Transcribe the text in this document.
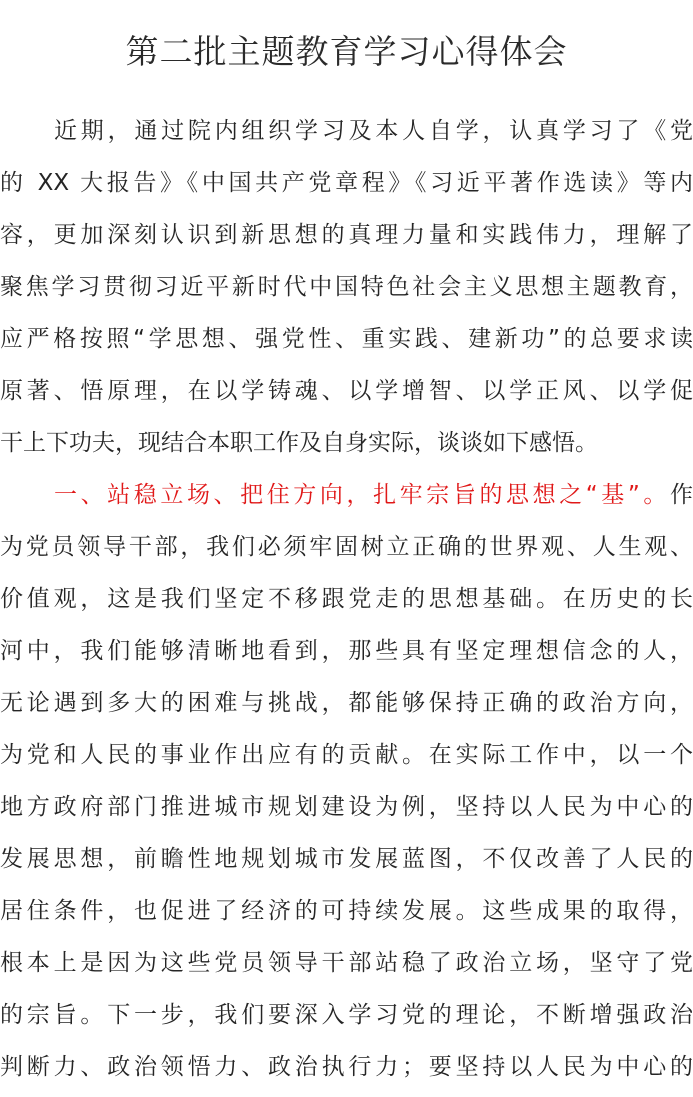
第二批主题教育学习心得体会
近期，通过院内组织学习及本人自学，认真学习了《党
的 XX 大报告》《中国共产党章程》《习近平著作选读》等内
容，更加深刻认识到新思想的真理力量和实践伟力，理解了
聚焦学习贯彻习近平新时代中国特色社会主义思想主题教育，
应严格按照“学思想、强党性、重实践、建新功”的总要求读
原著、悟原理，在以学铸魂、以学增智、以学正风、以学促
干上下功夫，现结合本职工作及自身实际，谈谈如下感悟。
一、站稳立场、把住方向，扎牢宗旨的思想之“基”。作
为党员领导干部，我们必须牢固树立正确的世界观、人生观、
价值观，这是我们坚定不移跟党走的思想基础。在历史的长
河中，我们能够清晰地看到，那些具有坚定理想信念的人，
无论遇到多大的困难与挑战，都能够保持正确的政治方向，
为党和人民的事业作出应有的贡献。在实际工作中，以一个
地方政府部门推进城市规划建设为例，坚持以人民为中心的
发展思想，前瞻性地规划城市发展蓝图，不仅改善了人民的
居住条件，也促进了经济的可持续发展。这些成果的取得，
根本上是因为这些党员领导干部站稳了政治立场，坚守了党
的宗旨。下一步，我们要深入学习党的理论，不断增强政治
判断力、政治领悟力、政治执行力；要坚持以人民为中心的
